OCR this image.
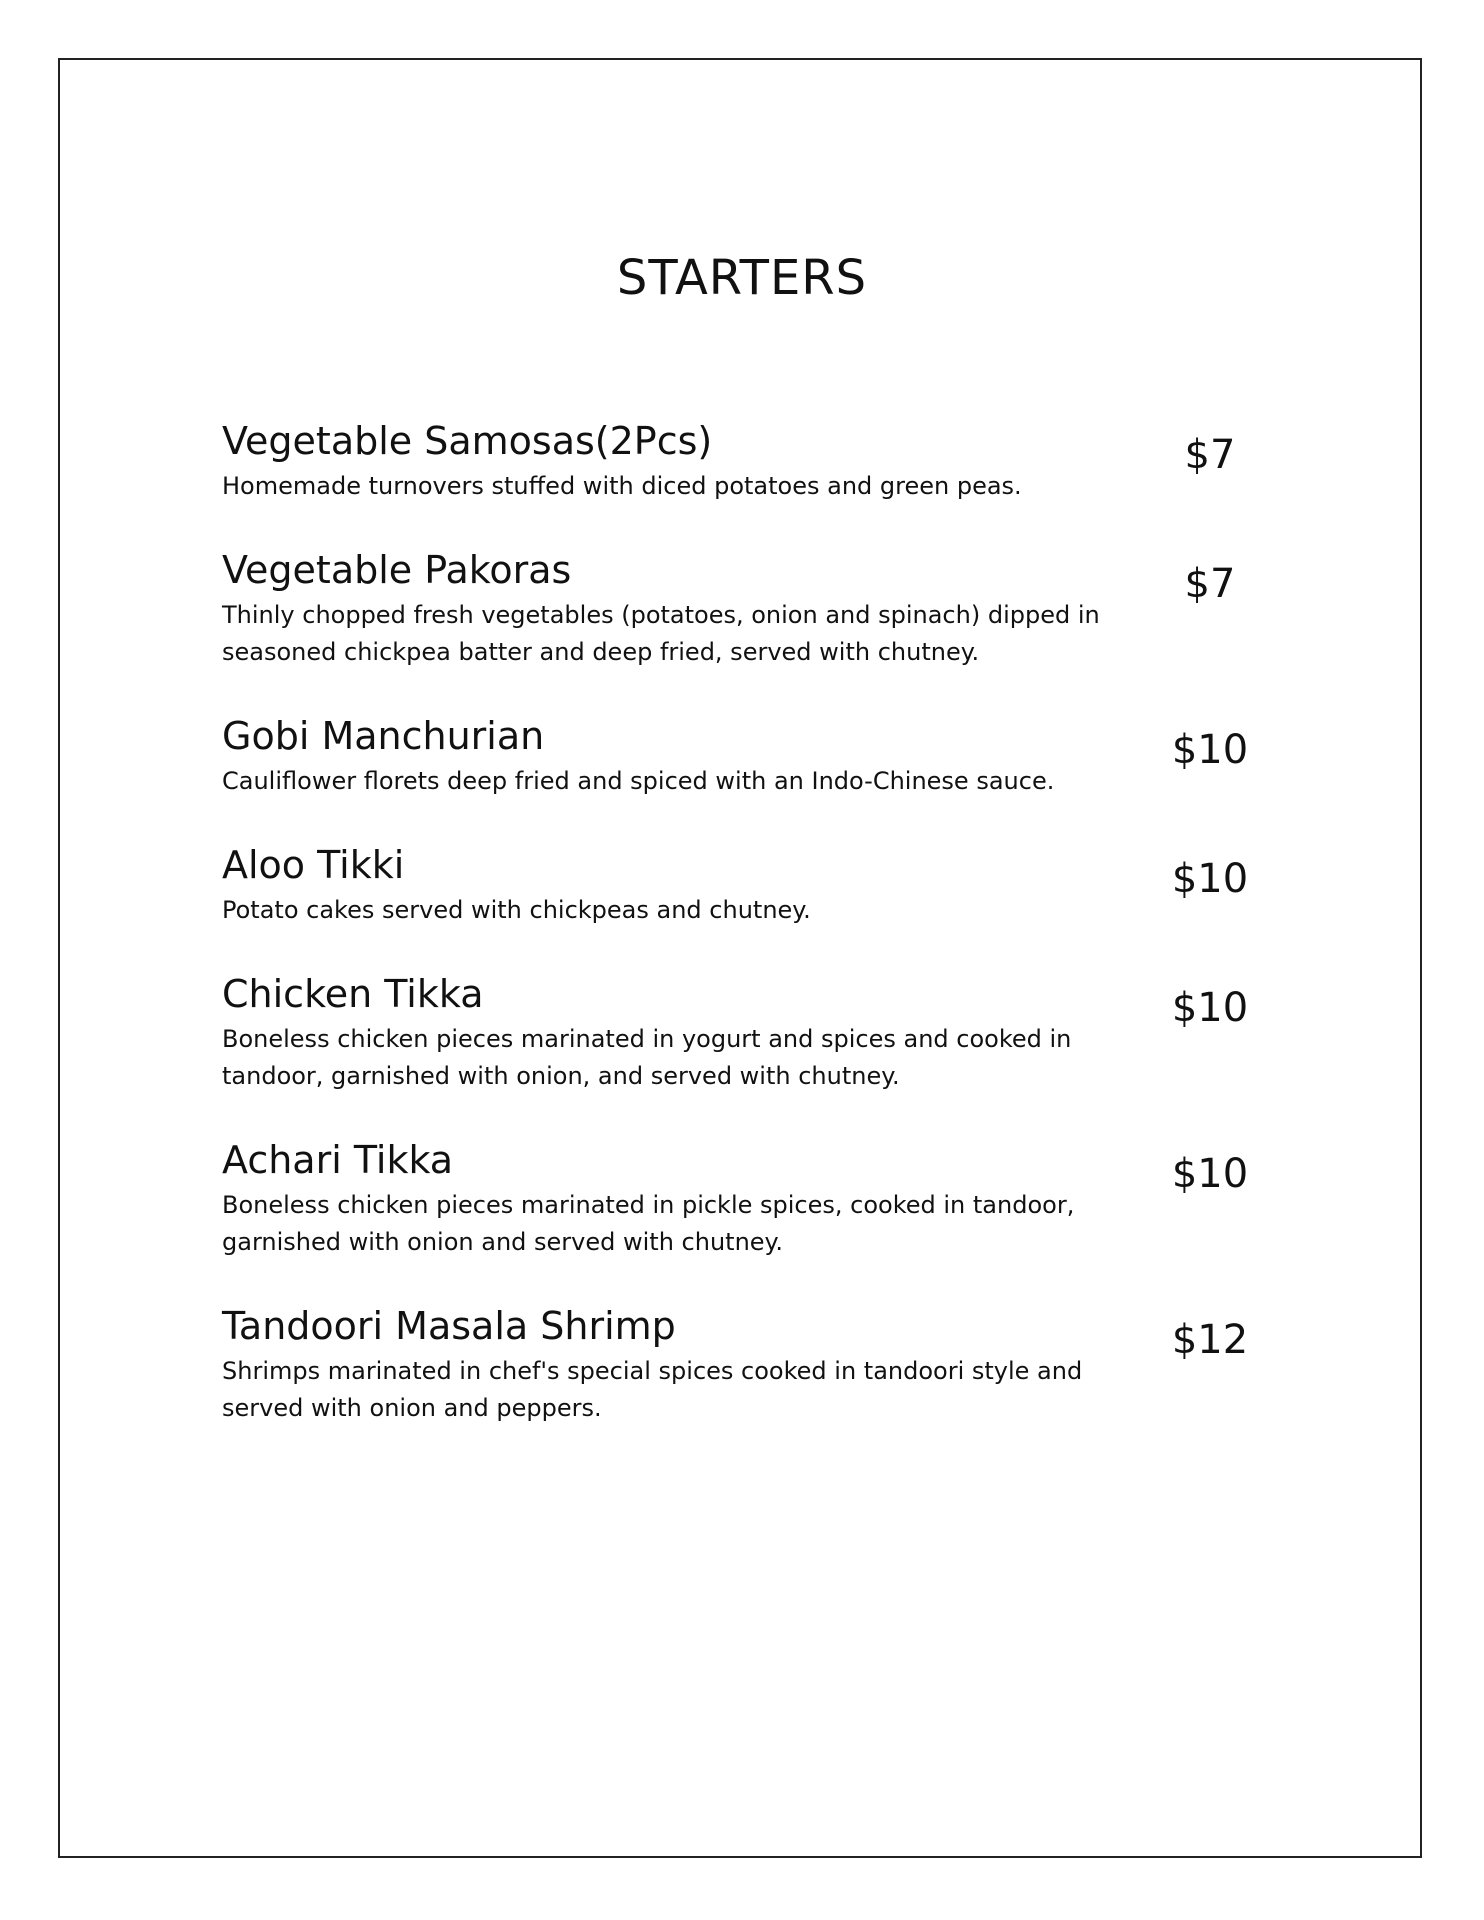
STARTERS
Vegetable Samosas(2Pcs)

Homemade turnovers stuffed with diced potatoes and green peas.

$7
Vegetable Pakoras

Thinly chopped fresh vegetables (potatoes, onion and spinach) dipped in seasoned chickpea batter and deep fried, served with chutney.

$7
Gobi Manchurian

Cauliflower florets deep fried and spiced with an Indo-Chinese sauce.

$10
Aloo Tikki

Potato cakes served with chickpeas and chutney.

$10
Chicken Tikka

Boneless chicken pieces marinated in yogurt and spices and cooked in tandoor, garnished with onion, and served with chutney.

$10
Achari Tikka

Boneless chicken pieces marinated in pickle spices, cooked in tandoor, garnished with onion and served with chutney.

$10
Tandoori Masala Shrimp

Shrimps marinated in chef's special spices cooked in tandoori style and served with onion and peppers.

$12
